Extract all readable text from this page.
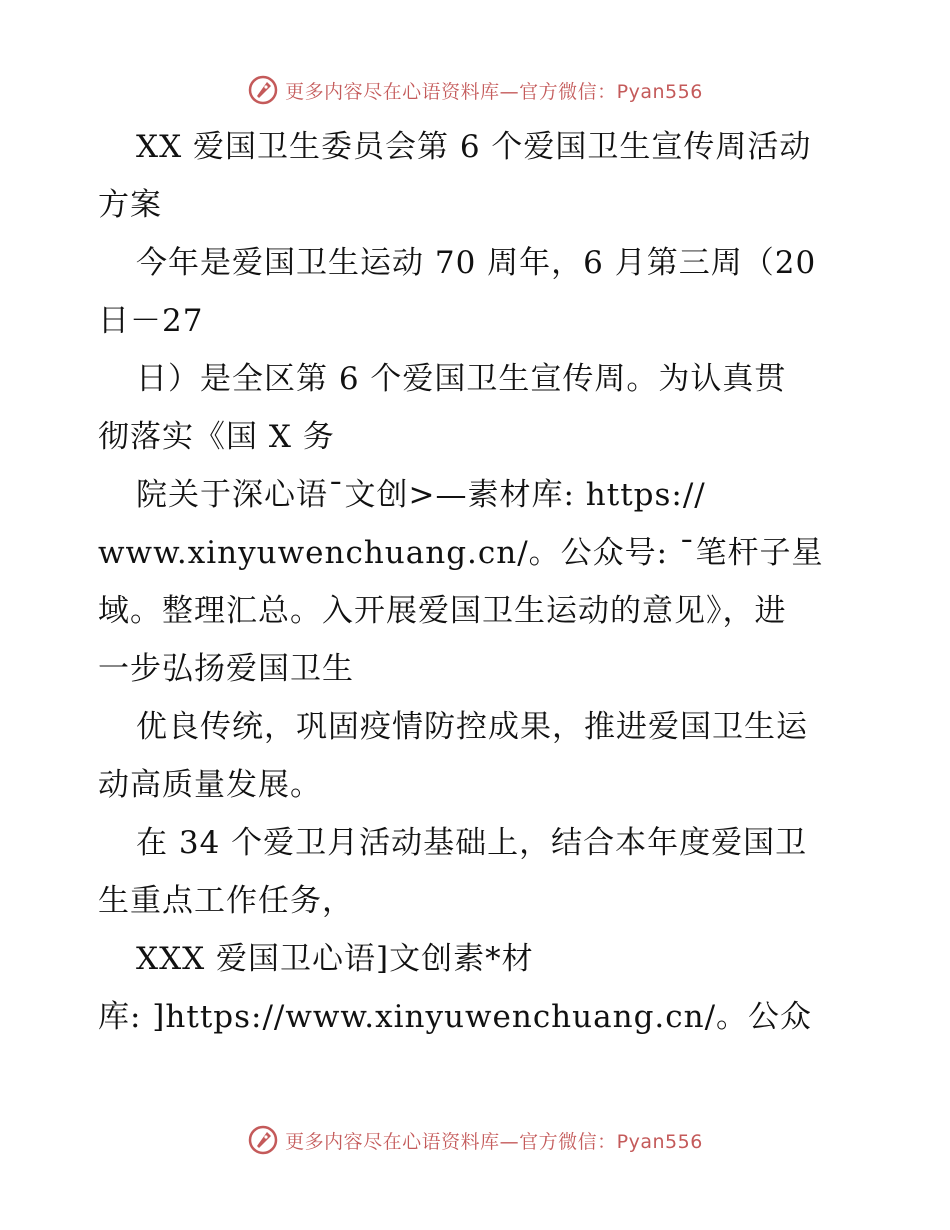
更多内容尽在心语资料库—官方微信：Pyan556
XX 爱国卫生委员会第 6 个爱国卫生宣传周活动
方案
今年是爱国卫生运动 70 周年，6 月第三周（20
日－27
日）是全区第 6 个爱国卫生宣传周。为认真贯
彻落实《国 X 务
院关于深心语¯文创>—素材库: https://
www.xinyuwenchuang.cn/。公众号: ¯笔杆子星
域。整理汇总。入开展爱国卫生运动的意见》，进
一步弘扬爱国卫生
优良传统，巩固疫情防控成果，推进爱国卫生运
动高质量发展。
在 34 个爱卫月活动基础上，结合本年度爱国卫
生重点工作任务，
XXX 爱国卫心语]文创素*材
库: ]https://www.xinyuwenchuang.cn/。公众
更多内容尽在心语资料库—官方微信：Pyan556
